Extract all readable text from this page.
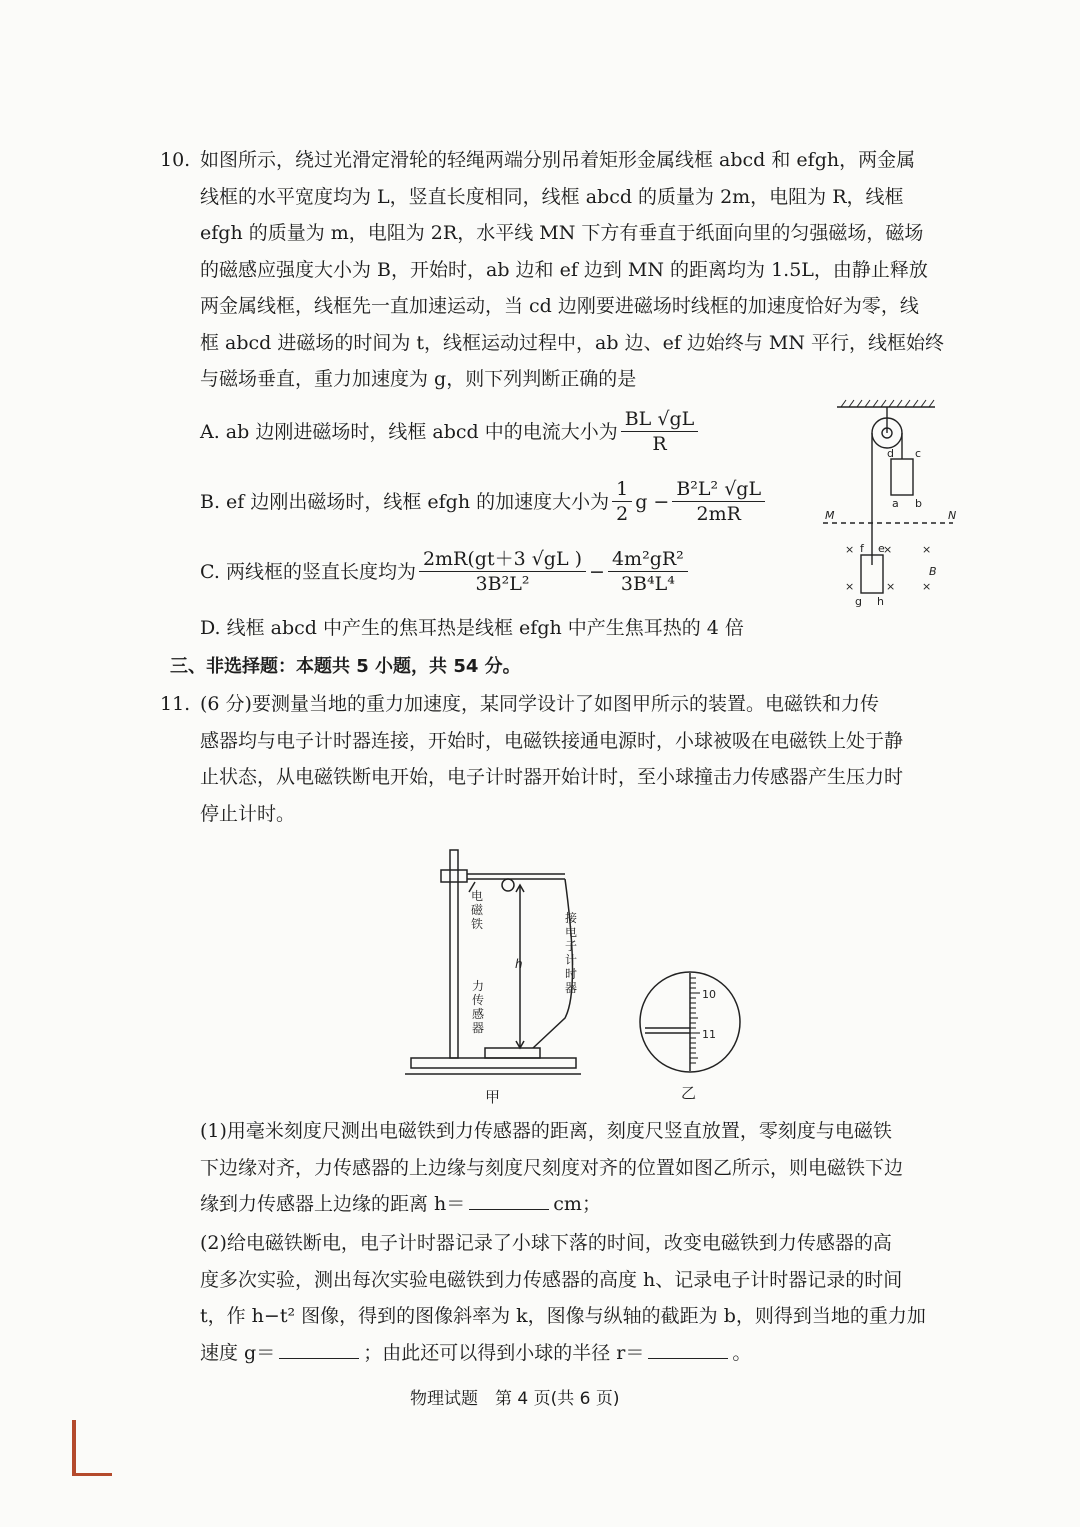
10. 如图所示，绕过光滑定滑轮的轻绳两端分别吊着矩形金属线框 abcd 和 efgh，两金属
线框的水平宽度均为 L，竖直长度相同，线框 abcd 的质量为 2m，电阻为 R，线框
efgh 的质量为 m，电阻为 2R，水平线 MN 下方有垂直于纸面向里的匀强磁场，磁场
的磁感应强度大小为 B，开始时，ab 边和 ef 边到 MN 的距离均为 1.5L，由静止释放
两金属线框，线框先一直加速运动，当 cd 边刚要进磁场时线框的加速度恰好为零，线
框 abcd 进磁场的时间为 t，线框运动过程中，ab 边、ef 边始终与 MN 平行，线框始终
与磁场垂直，重力加速度为 g，则下列判断正确的是
A. ab 边刚进磁场时，线框 abcd 中的电流大小为 $\frac{BL √gL}{R}$
B. ef 边刚出磁场时，线框 efgh 的加速度大小为 $\frac{1}{2}$ $g - \frac{\text{B²L² √gL}}{2mR}$
C. 两线框的竖直长度均为 $\frac{2mR(gt+3 √gL )}{\text{3B²L²}} - \frac{\text{4m²gR²}}{\text{3B⁴L⁴}}$
D. 线框 abcd 中产生的焦耳热是线框 efgh 中产生焦耳热的 4 倍
d c
a b
M	N
f e
g h
B
×	×	×
×	× ×
三、非选择题：本题共 5 小题，共 54 分。
11. (6 分)要测量当地的重力加速度，某同学设计了如图甲所示的装置。电磁铁和力传
感器均与电子计时器连接，开始时，电磁铁接通电源时，小球被吸在电磁铁上处于静
止状态，从电磁铁断电开始，电子计时器开始计时，至小球撞击力传感器产生压力时
停止计时。
电磁铁
h
力传感器
接电子计时器
甲
10
11
乙
(1)用毫米刻度尺测出电磁铁到力传感器的距离，刻度尺竖直放置，零刻度与电磁铁
下边缘对齐，力传感器的上边缘与刻度尺刻度对齐的位置如图乙所示，则电磁铁下边
缘到力传感器上边缘的距离 h＝	cm；
(2)给电磁铁断电，电子计时器记录了小球下落的时间，改变电磁铁到力传感器的高
度多次实验，测出每次实验电磁铁到力传感器的高度 h、记录电子计时器记录的时间
t，作 h−t² 图像，得到的图像斜率为 k，图像与纵轴的截距为 b，则得到当地的重力加
速度 g＝	；由此还可以得到小球的半径 r＝	。
物理试题　第 4 页(共 6 页)
